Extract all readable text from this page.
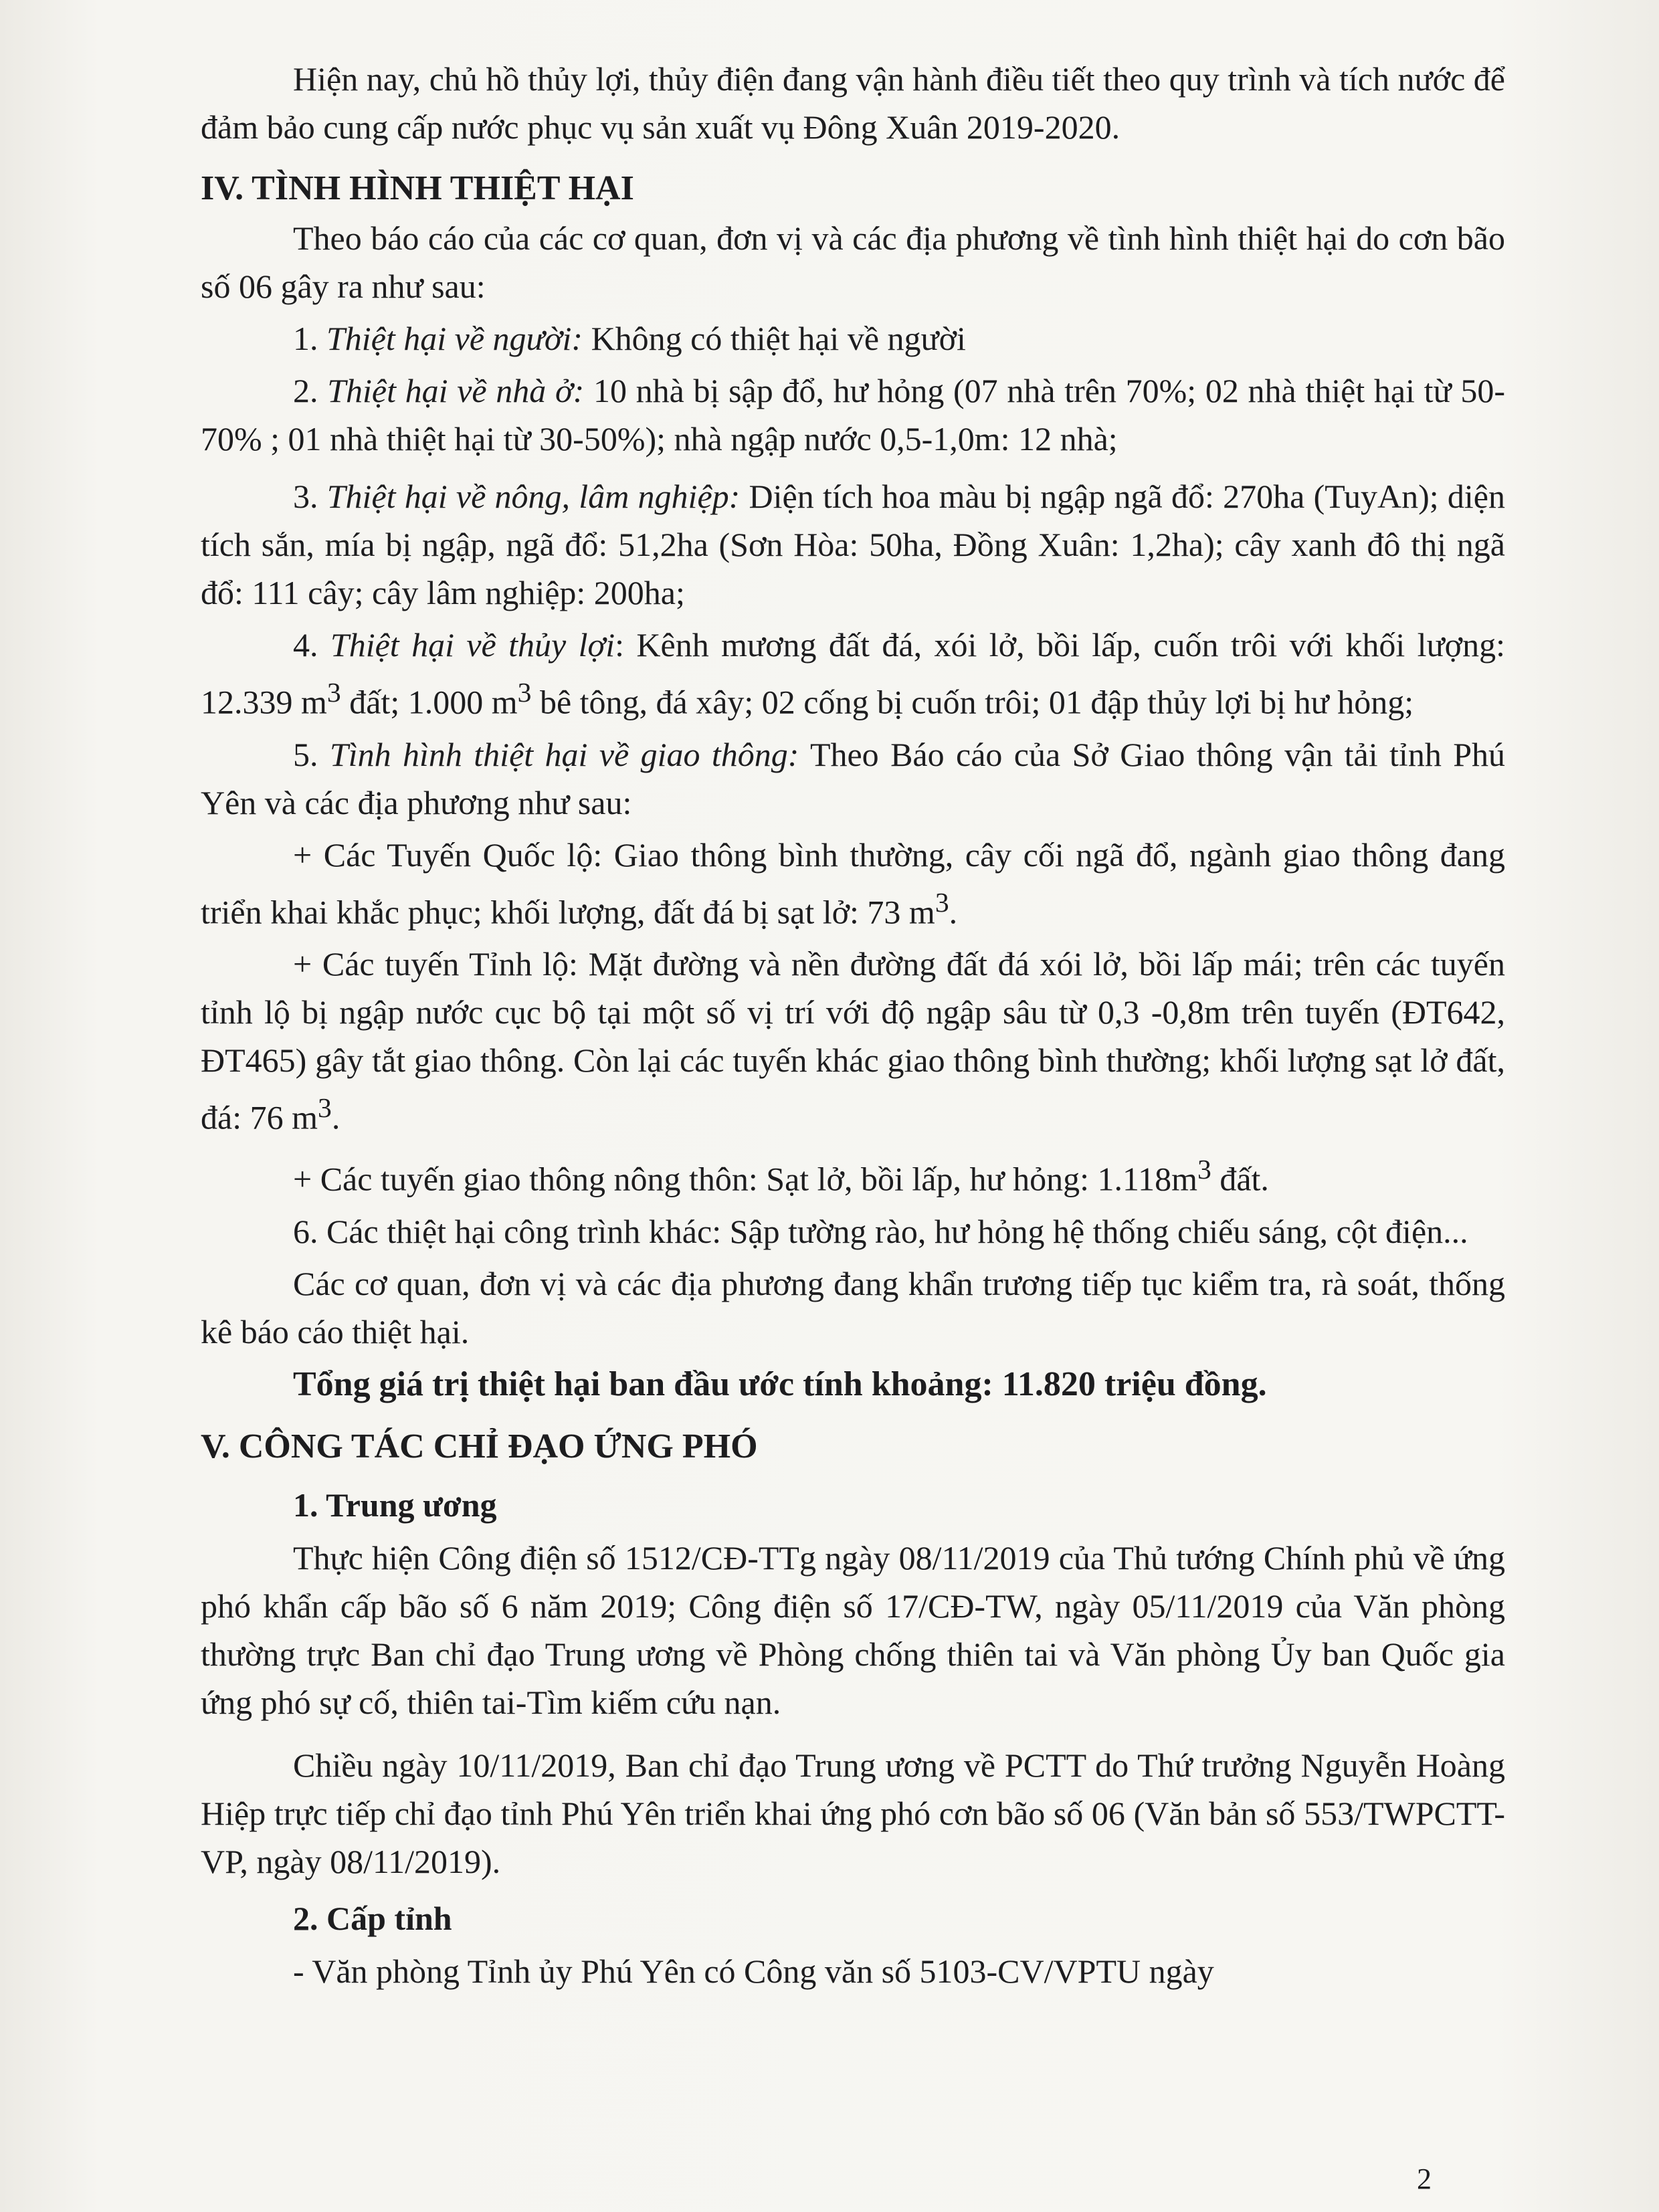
Hiện nay, chủ hồ thủy lợi, thủy điện đang vận hành điều tiết theo quy trình và tích nước để đảm bảo cung cấp nước phục vụ sản xuất vụ Đông Xuân 2019-2020.

IV. TÌNH HÌNH THIỆT HẠI

Theo báo cáo của các cơ quan, đơn vị và các địa phương về tình hình thiệt hại do cơn bão số 06 gây ra như sau:

1. Thiệt hại về người: Không có thiệt hại về người

2. Thiệt hại về nhà ở: 10 nhà bị sập đổ, hư hỏng (07 nhà trên 70%; 02 nhà thiệt hại từ 50-70% ; 01 nhà thiệt hại từ 30-50%); nhà ngập nước 0,5-1,0m: 12 nhà;

3. Thiệt hại về nông, lâm nghiệp: Diện tích hoa màu bị ngập ngã đổ: 270ha (TuyAn); diện tích sắn, mía bị ngập, ngã đổ: 51,2ha (Sơn Hòa: 50ha, Đồng Xuân: 1,2ha); cây xanh đô thị ngã đổ: 111 cây; cây lâm nghiệp: 200ha;

4. Thiệt hại về thủy lợi: Kênh mương đất đá, xói lở, bồi lấp, cuốn trôi với khối lượng: 12.339 $m^3$ đất; 1.000 $m^3$ bê tông, đá xây; 02 cống bị cuốn trôi; 01 đập thủy lợi bị hư hỏng;

5. Tình hình thiệt hại về giao thông: Theo Báo cáo của Sở Giao thông vận tải tỉnh Phú Yên và các địa phương như sau:

+ Các Tuyến Quốc lộ: Giao thông bình thường, cây cối ngã đổ, ngành giao thông đang triển khai khắc phục; khối lượng, đất đá bị sạt lở: 73 $m^3$.

+ Các tuyến Tỉnh lộ: Mặt đường và nền đường đất đá xói lở, bồi lấp mái; trên các tuyến tỉnh lộ bị ngập nước cục bộ tại một số vị trí với độ ngập sâu từ 0,3 -0,8m trên tuyến (ĐT642, ĐT465) gây tắt giao thông. Còn lại các tuyến khác giao thông bình thường; khối lượng sạt lở đất, đá: 76 $m^3$.

+ Các tuyến giao thông nông thôn: Sạt lở, bồi lấp, hư hỏng: $1.118m^3$ đất.

6. Các thiệt hại công trình khác: Sập tường rào, hư hỏng hệ thống chiếu sáng, cột điện...

Các cơ quan, đơn vị và các địa phương đang khẩn trương tiếp tục kiểm tra, rà soát, thống kê báo cáo thiệt hại.

Tổng giá trị thiệt hại ban đầu ước tính khoảng: 11.820 triệu đồng.

V. CÔNG TÁC CHỈ ĐẠO ỨNG PHÓ

1. Trung ương

Thực hiện Công điện số 1512/CĐ-TTg ngày 08/11/2019 của Thủ tướng Chính phủ về ứng phó khẩn cấp bão số 6 năm 2019; Công điện số 17/CĐ-TW, ngày 05/11/2019 của Văn phòng thường trực Ban chỉ đạo Trung ương về Phòng chống thiên tai và Văn phòng Ủy ban Quốc gia ứng phó sự cố, thiên tai-Tìm kiếm cứu nạn.

Chiều ngày 10/11/2019, Ban chỉ đạo Trung ương về PCTT do Thứ trưởng Nguyễn Hoàng Hiệp trực tiếp chỉ đạo tỉnh Phú Yên triển khai ứng phó cơn bão số 06 (Văn bản số 553/TWPCTT-VP, ngày 08/11/2019).

2. Cấp tỉnh

- Văn phòng Tỉnh ủy Phú Yên có Công văn số 5103-CV/VPTU ngày

2
